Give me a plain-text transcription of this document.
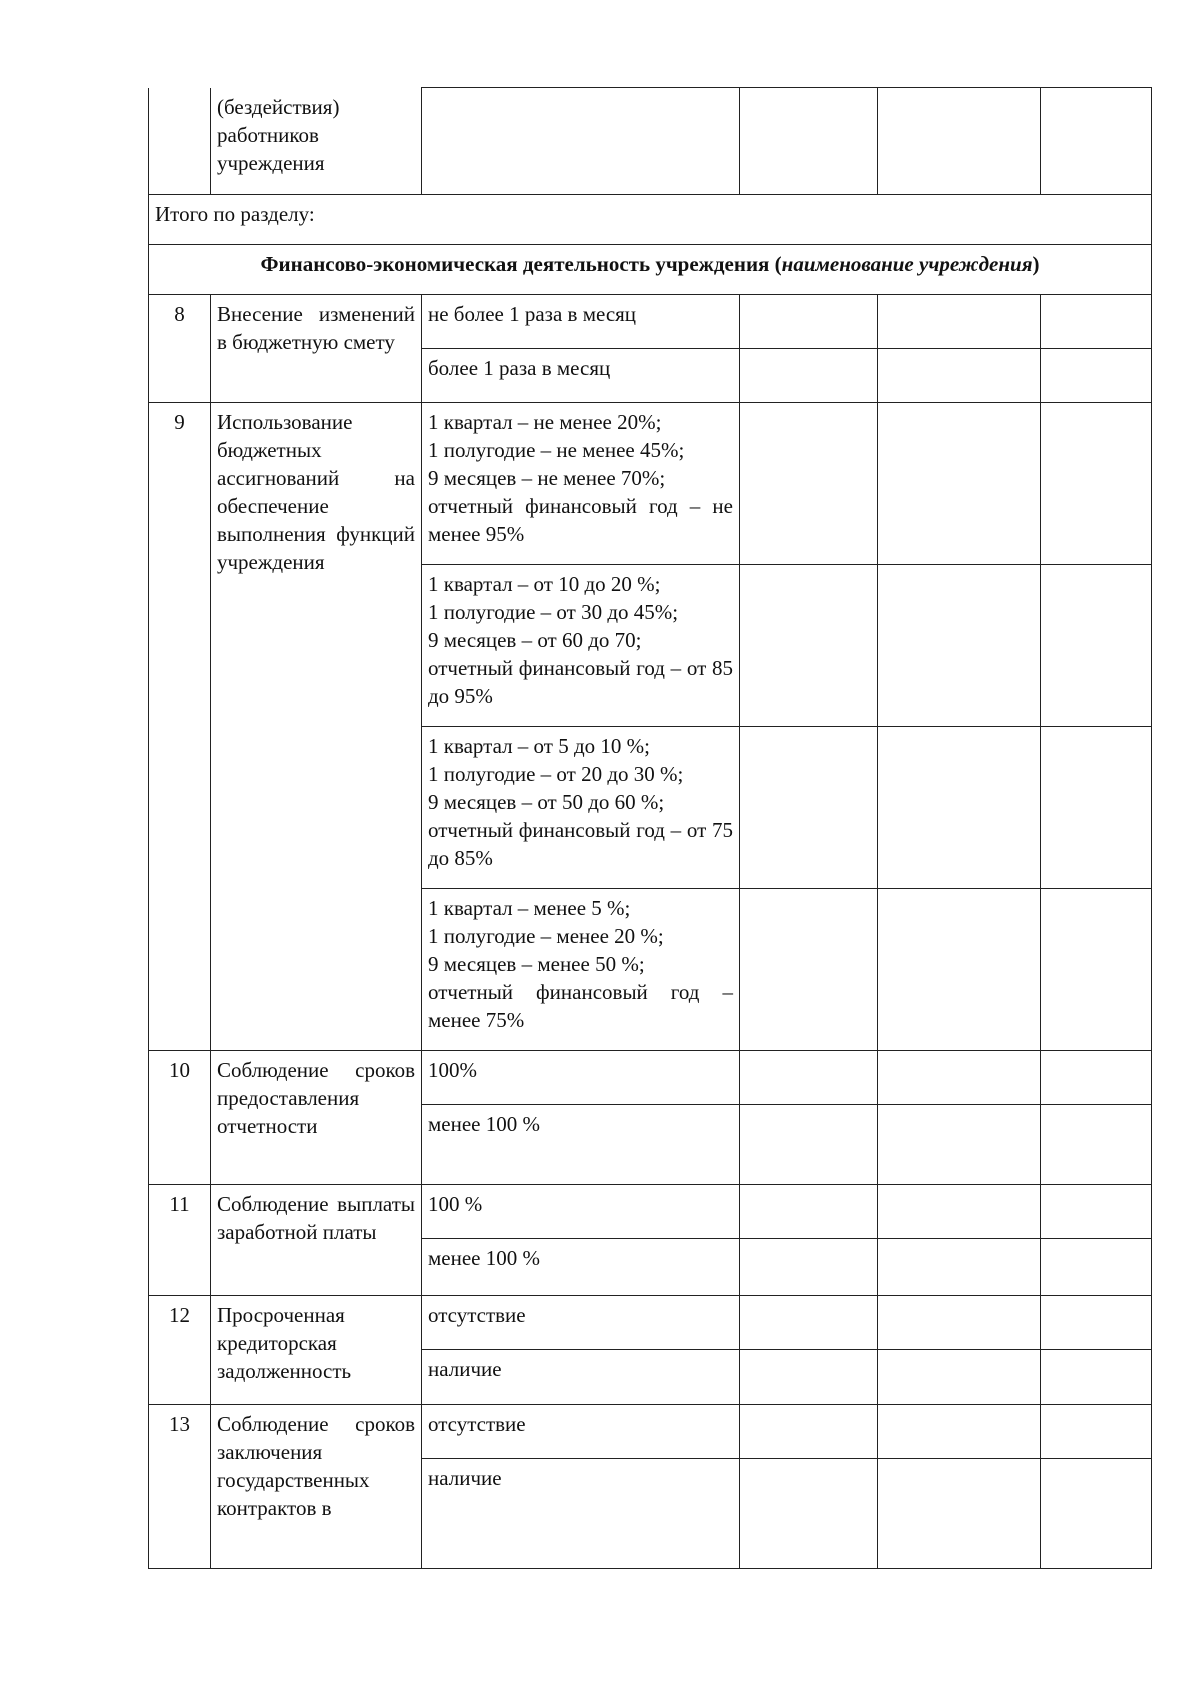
	(бездействия)
работников
учреждения				
Итого по разделу:					
Финансово-экономическая деятельность учреждения (наименование учреждения)					
8	Внесение изменений в бюджетную смету	не более 1 раза в месяц			
		более 1 раза в месяц			
9	Использование бюджетных ассигнований на обеспечение выполнения функций учреждения	1 квартал – не менее 20%;
1 полугодие – не менее 45%;
9 месяцев – не менее 70%;
отчетный финансовый год – не менее 95%			
		1 квартал – от 10 до 20 %;
1 полугодие – от 30 до 45%;
9 месяцев – от 60 до 70;
отчетный финансовый год – от 85 до 95%			
		1 квартал – от 5 до 10 %;
1 полугодие – от 20 до 30 %;
9 месяцев – от 50 до 60 %;
отчетный финансовый год – от 75 до 85%			
		1 квартал – менее 5 %;
1 полугодие – менее 20 %;
9 месяцев – менее 50 %;
отчетный финансовый год – менее 75%			
10	Соблюдение сроков предоставления отчетности	100%			
		менее 100 %			
11	Соблюдение выплаты заработной платы	100 %			
		менее 100 %			
12	Просроченная кредиторская задолженность	отсутствие			
		наличие			
13	Соблюдение сроков заключения государственных контрактов в	отсутствие			
		наличие			
